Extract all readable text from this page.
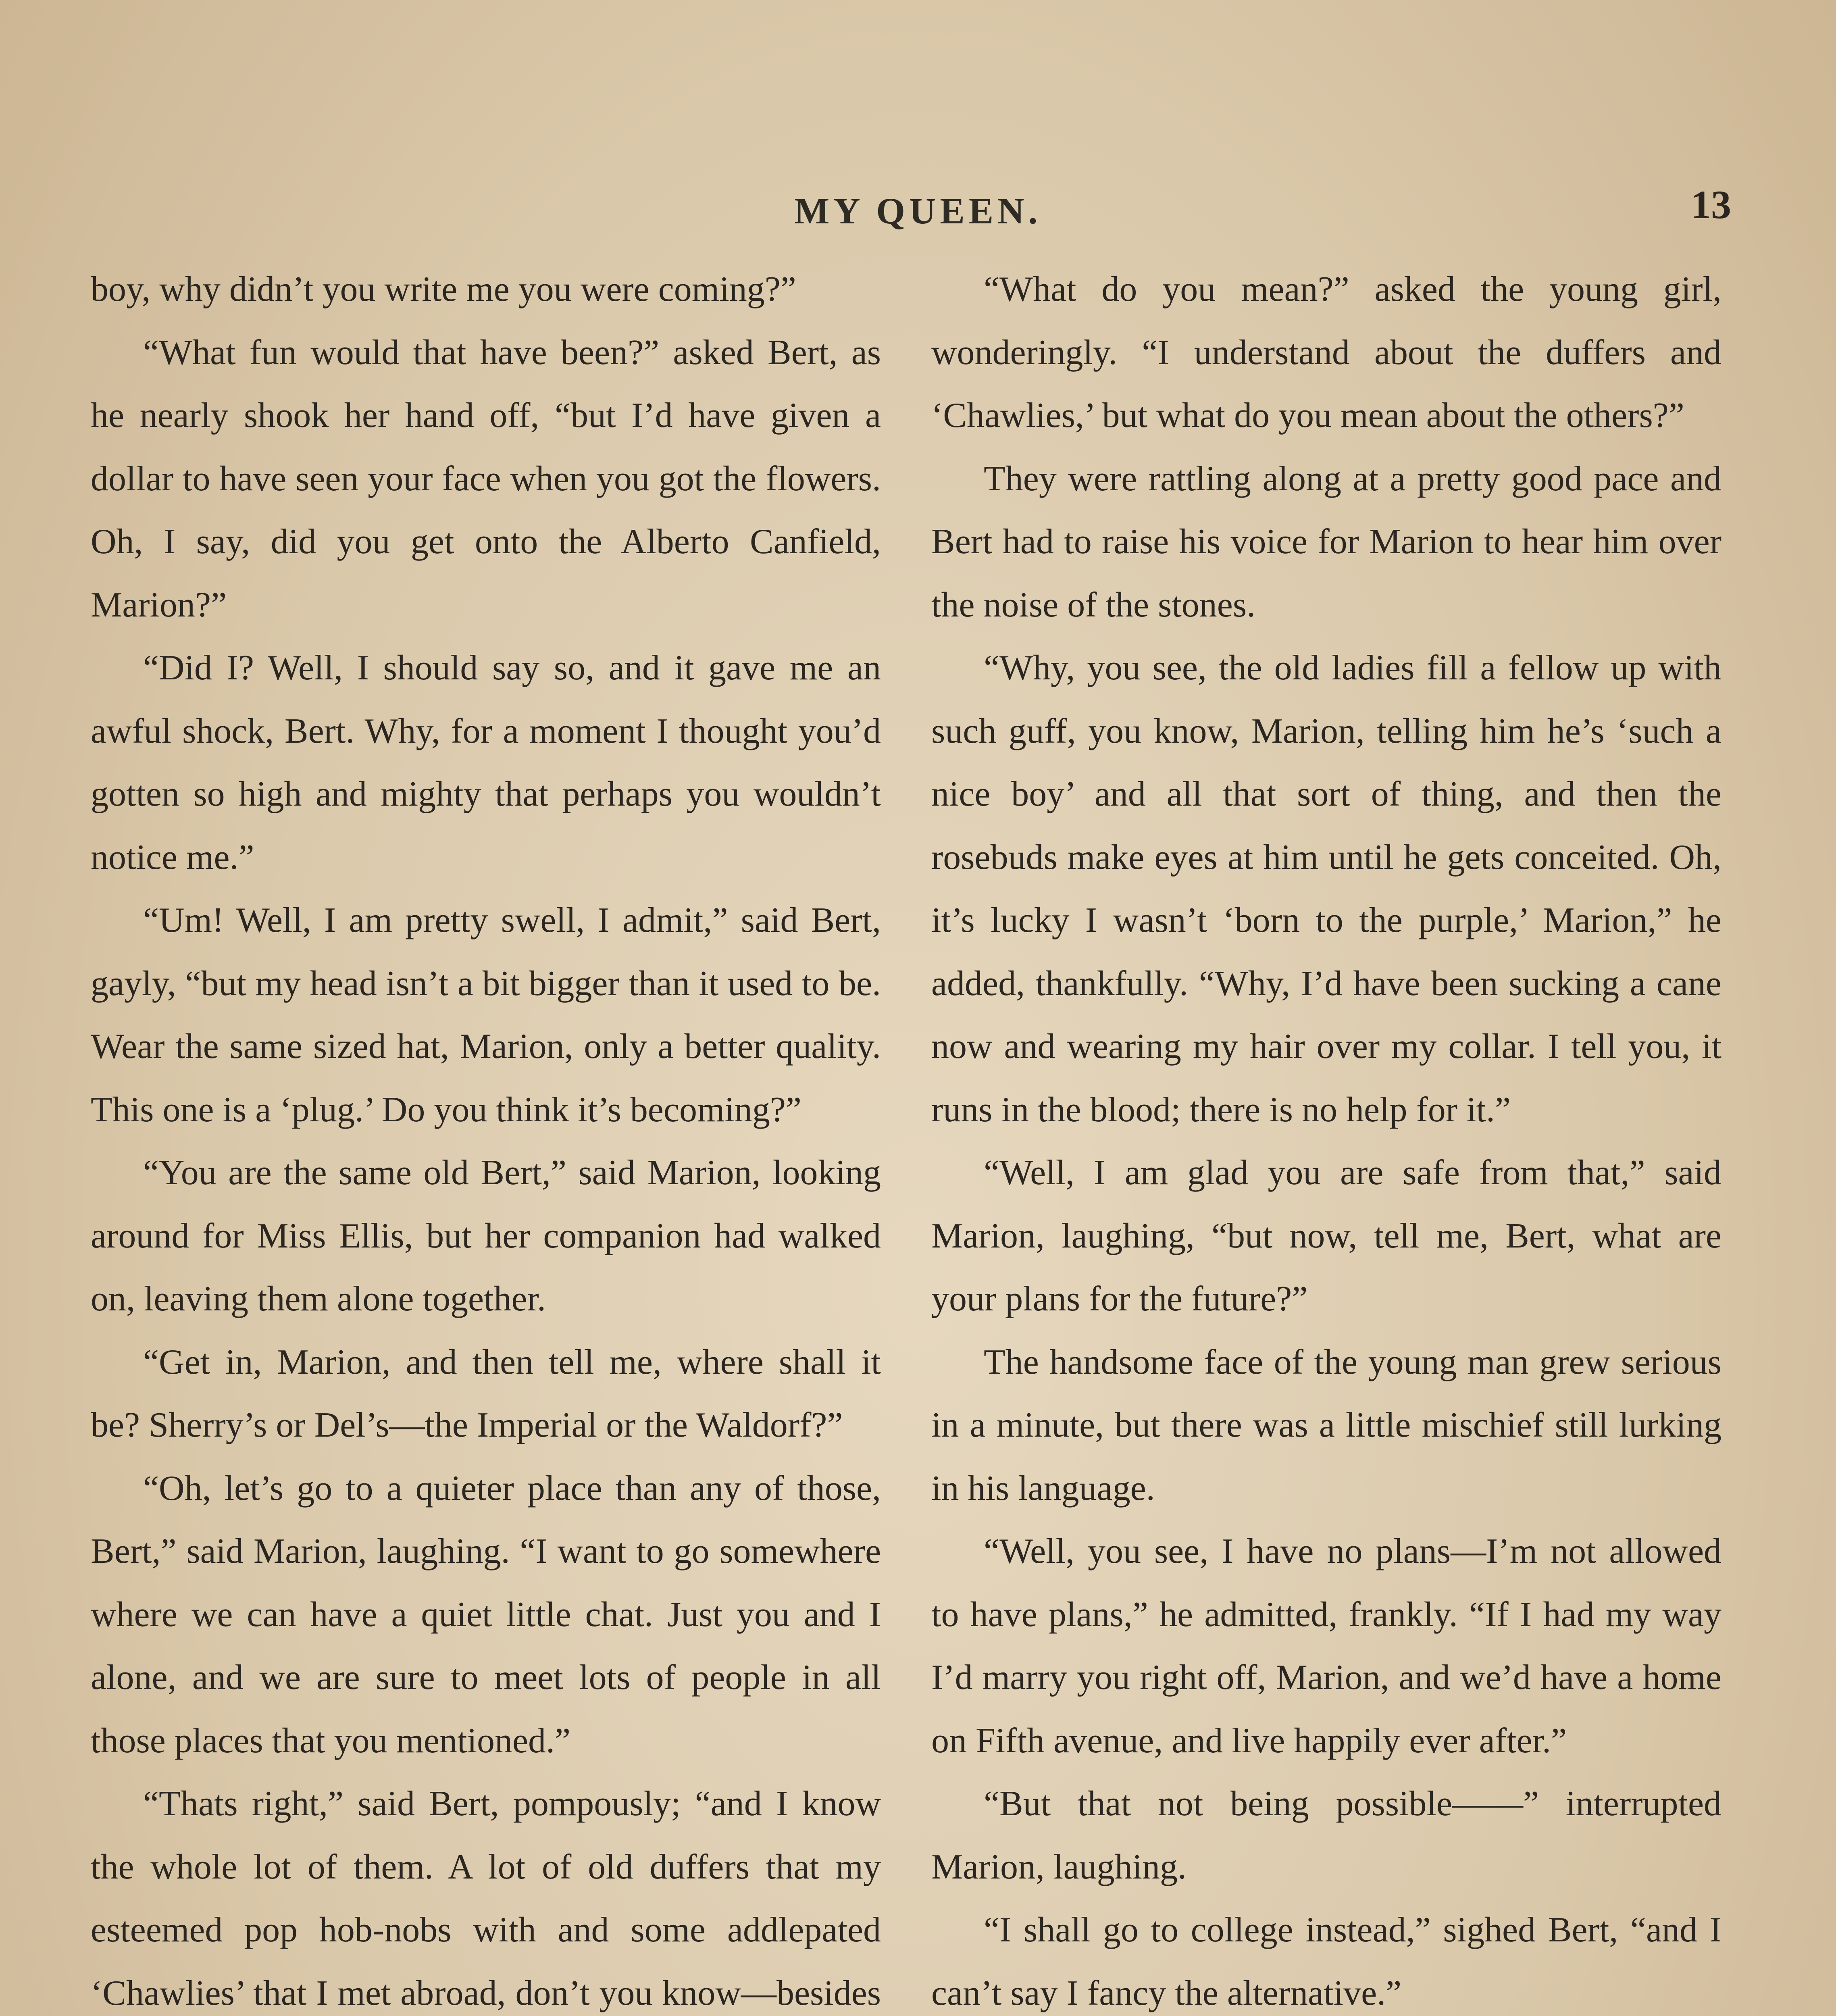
MY QUEEN.	13

boy, why didn’t you write me you were coming?”

“What fun would that have been?” asked Bert, as he nearly shook her hand off, “but I’d have given a dollar to have seen your face when you got the flowers. Oh, I say, did you get onto the Alberto Canfield, Marion?”

“Did I? Well, I should say so, and it gave me an awful shock, Bert. Why, for a moment I thought you’d gotten so high and mighty that perhaps you wouldn’t notice me.”

“Um! Well, I am pretty swell, I admit,” said Bert, gayly, “but my head isn’t a bit bigger than it used to be. Wear the same sized hat, Marion, only a better quality. This one is a ‘plug.’ Do you think it’s becoming?”

“You are the same old Bert,” said Marion, looking around for Miss Ellis, but her companion had walked on, leaving them alone together.

“Get in, Marion, and then tell me, where shall it be? Sherry’s or Del’s—the Imperial or the Waldorf?”

“Oh, let’s go to a quieter place than any of those, Bert,” said Marion, laughing. “I want to go somewhere where we can have a quiet little chat. Just you and I alone, and we are sure to meet lots of people in all those places that you mentioned.”

“Thats right,” said Bert, pompously; “and I know the whole lot of them. A lot of old duffers that my esteemed pop hob-nobs with and some addlepated ‘Chawlies’ that I met abroad, don’t you know—besides

“What do you mean?” asked the young girl, wonderingly. “I understand about the duffers and ‘Chawlies,’ but what do you mean about the others?”

They were rattling along at a pretty good pace and Bert had to raise his voice for Marion to hear him over the noise of the stones.

“Why, you see, the old ladies fill a fellow up with such guff, you know, Marion, telling him he’s ‘such a nice boy’ and all that sort of thing, and then the rosebuds make eyes at him until he gets conceited. Oh, it’s lucky I wasn’t ‘born to the purple,’ Marion,” he added, thankfully. “Why, I’d have been sucking a cane now and wearing my hair over my collar. I tell you, it runs in the blood; there is no help for it.”

“Well, I am glad you are safe from that,” said Marion, laughing, “but now, tell me, Bert, what are your plans for the future?”

The handsome face of the young man grew serious in a minute, but there was a little mischief still lurking in his language.

“Well, you see, I have no plans—I’m not allowed to have plans,” he admitted, frankly. “If I had my way I’d marry you right off, Marion, and we’d have a home on Fifth avenue, and live happily ever after.”

“But that not being possible——” interrupted Marion, laughing.

“I shall go to college instead,” sighed Bert, “and I can’t say I fancy the alternative.”
